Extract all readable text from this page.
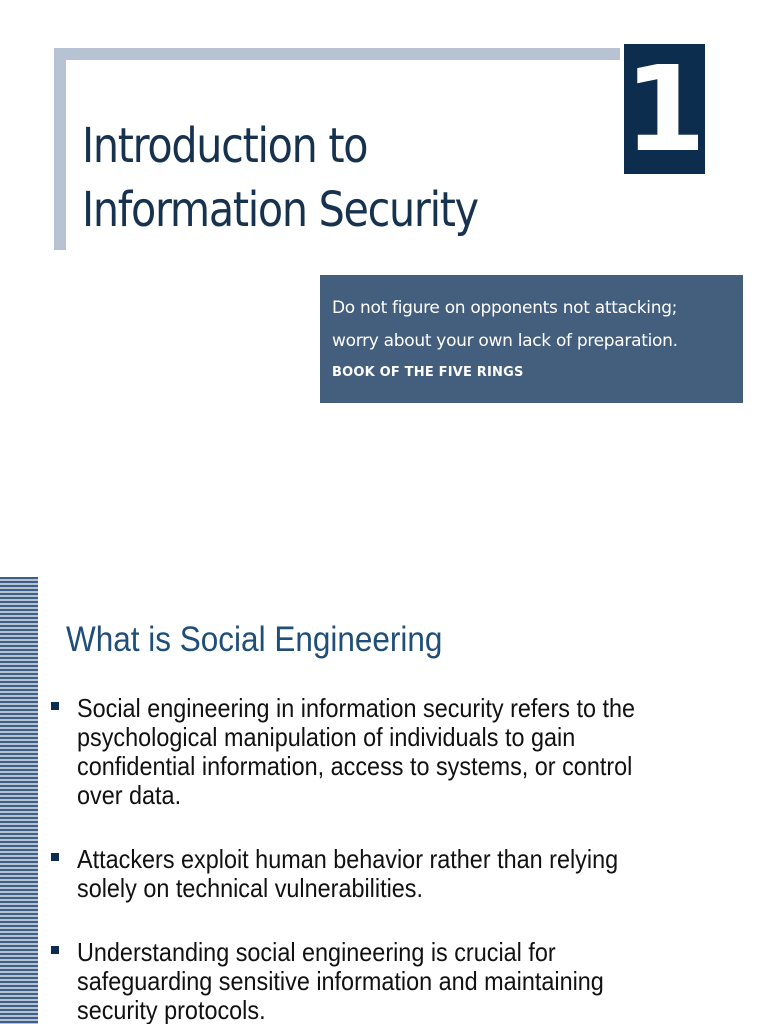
Introduction to
Information Security
1
Do not figure on opponents not attacking;
worry about your own lack of preparation.
BOOK OF THE FIVE RINGS
What is Social Engineering
Social engineering in information security refers to the psychological manipulation of individuals to gain confidential information, access to systems, or control over data.
Attackers exploit human behavior rather than relying solely on technical vulnerabilities.
Understanding social engineering is crucial for safeguarding sensitive information and maintaining security protocols.
